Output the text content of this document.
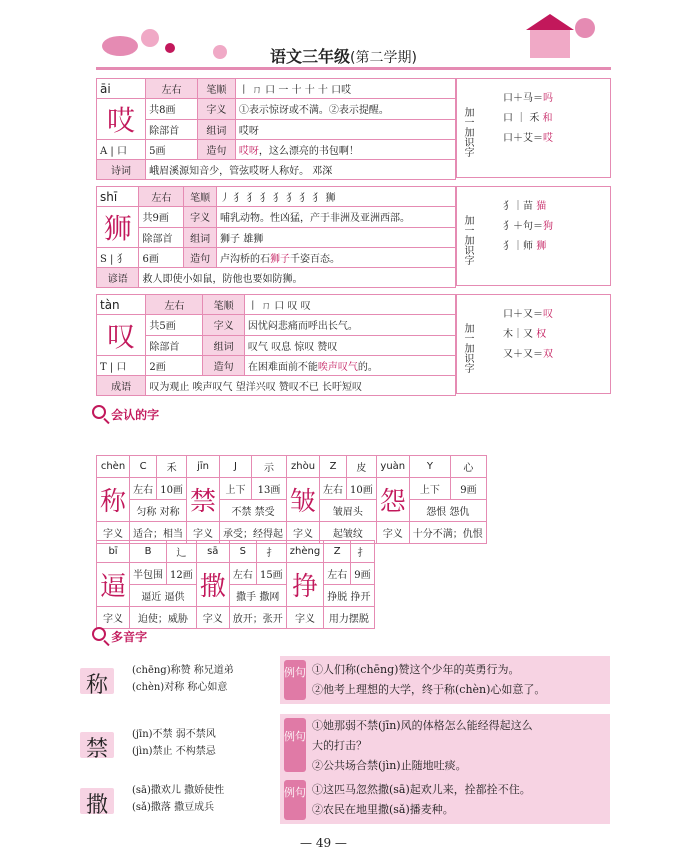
语文三年级(第二学期)
āi	左右	笔顺	丨 ㄇ 口 一 十 十 十 口哎
哎	共8画	字义	①表示惊讶或不满。②表示提醒。
	除部首	组词	哎呀
A | 口	5画	造句	哎呀，这么漂亮的书包啊！
诗词	峨眉溪源知音少，管弦哎呀人称好。 邓深		
加一加识字
口＋马＝吗
口 ｜ 禾 和
口＋艾＝哎
shī	左右	笔顺	丿 犭 犭 犭 犭 犭 犭 犭 狮
狮	共9画	字义	哺乳动物。性凶猛，产于非洲及亚洲西部。
	除部首	组词	狮子 雄狮
S | 犭	6画	造句	卢沟桥的石狮子千姿百态。
谚语	救人即使小如鼠，防他也要如防狮。		
加一加识字
犭｜苗 猫
犭＋句＝狗
犭｜师 狮
tàn	左右	笔顺	丨 ㄇ 口 叹 叹
叹	共5画	字义	因忧闷悲痛而呼出长气。
	除部首	组词	叹气 叹息 惊叹 赞叹
T | 口	2画	造句	在困难面前不能唉声叹气的。
成语	叹为观止 唉声叹气 望洋兴叹 赞叹不已 长吁短叹		
加一加识字
口＋又＝叹
木｜又 权
又＋又＝双
会认的字
chèn	C	禾	jīn	J	示	zhòu	Z	皮	yuàn	Y	心
称	左右	10画	禁	上下	13画	皱	左右	10画	怨	上下	9画
	匀称 对称			不禁 禁受			皱眉头			怨恨 怨仇	
字义	适合；相当		字义	承受；经得起		字义	起皱纹		字义	十分不满；仇恨	
bī	B	辶	sā	S	扌	zhèng	Z	扌
逼	半包围	12画	撒	左右	15画	挣	左右	9画
	逼近 逼供			撒手 撒网			挣脱 挣开	
字义	迫使；威胁		字义	放开；张开		字义	用力摆脱	
多音字
称
(chēng)称赞 称兄道弟
(chèn)对称 称心如意
例句 ①人们称(chēng)赞这个少年的英勇行为。
②他考上理想的大学，终于称(chèn)心如意了。
禁
(jīn)不禁 弱不禁风
(jìn)禁止 不构禁忌
例句
①她那弱不禁(jīn)风的体格怎么能经得起这么
大的打击？
②公共场合禁(jìn)止随地吐痰。
撒
(sā)撒欢儿 撒娇使性
(sǎ)撒落 撒豆成兵
例句 ①这匹马忽然撒(sā)起欢儿来，拴都拴不住。
②农民在地里撒(sǎ)播麦种。
— 49 —
